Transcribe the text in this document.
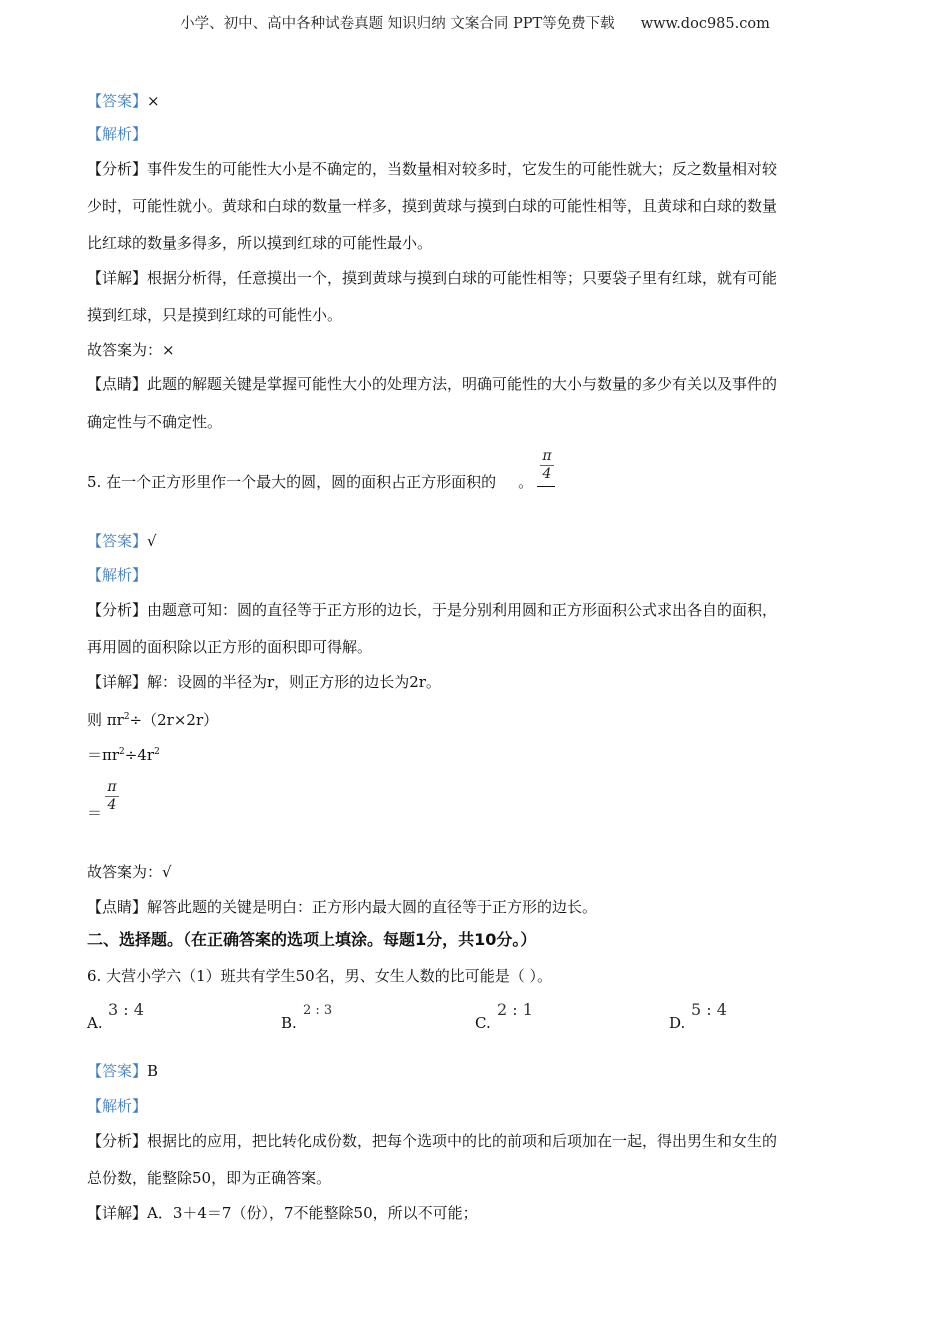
小学、初中、高中各种试卷真题 知识归纳 文案合同 PPT等免费下载 www.doc985.com
【答案】×
【解析】
【分析】事件发生的可能性大小是不确定的，当数量相对较多时，它发生的可能性就大；反之数量相对较
少时，可能性就小。黄球和白球的数量一样多，摸到黄球与摸到白球的可能性相等，且黄球和白球的数量
比红球的数量多得多，所以摸到红球的可能性最小。
【详解】根据分析得，任意摸出一个，摸到黄球与摸到白球的可能性相等；只要袋子里有红球，就有可能
摸到红球，只是摸到红球的可能性小。
故答案为：×
【点睛】此题的解题关键是掌握可能性大小的处理方法，明确可能性的大小与数量的多少有关以及事件的
确定性与不确定性。
5. 在一个正方形里作一个最大的圆，圆的面积占正方形面积的 。 $\frac{\pi}{4}$
【答案】√
【解析】
【分析】由题意可知：圆的直径等于正方形的边长，于是分别利用圆和正方形面积公式求出各自的面积，
再用圆的面积除以正方形的面积即可得解。
【详解】解：设圆的半径为r，则正方形的边长为2r。
则 $\pi r^2\div(2r\times 2r)$
$=\pi r^2\div 4r^2$
＝ $\frac{\pi}{4}$
故答案为：√
【点睛】解答此题的关键是明白：正方形内最大圆的直径等于正方形的边长。
二、选择题。（在正确答案的选项上填涂。每题1分，共10分。）
6. 大营小学六（1）班共有学生50名，男、女生人数的比可能是（ ）。
A.
3 : 4
B.
2 : 3
C.
2 : 1
D.
5 : 4
【答案】B
【解析】
【分析】根据比的应用，把比转化成份数，把每个选项中的比的前项和后项加在一起，得出男生和女生的
总份数，能整除50，即为正确答案。
【详解】A．3＋4＝7（份），7不能整除50，所以不可能；
